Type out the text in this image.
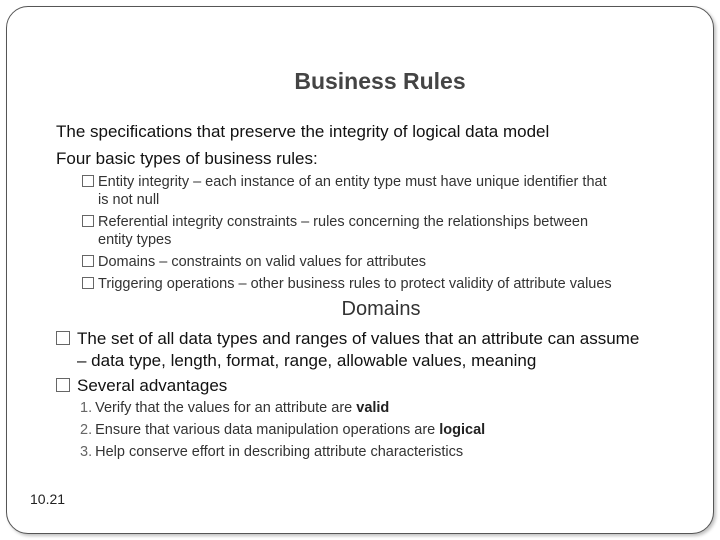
Business Rules
The specifications that preserve the integrity of logical data model
Four basic types of business rules:
Entity integrity – each instance of an entity type must have unique identifier that
is not null
Referential integrity constraints – rules concerning the relationships between
entity types
Domains – constraints on valid values for attributes
Triggering operations – other business rules to protect validity of attribute values
Domains
The set of all data types and ranges of values that an attribute can assume
– data type, length, format, range, allowable values, meaning
Several advantages
1. Verify that the values for an attribute are valid
2. Ensure that various data manipulation operations are logical
3. Help conserve effort in describing attribute characteristics
10.21
